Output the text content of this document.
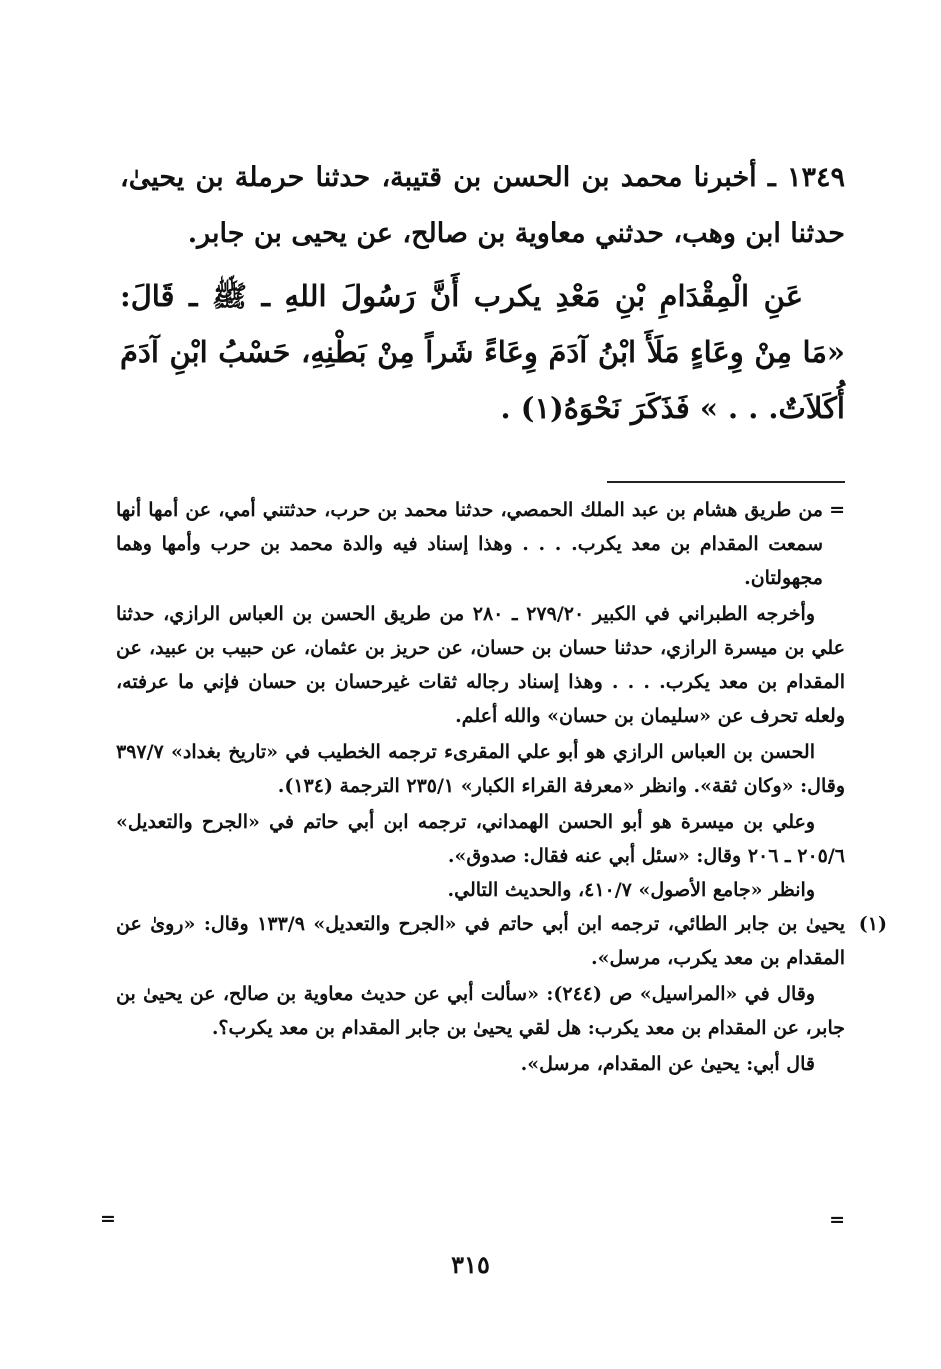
١٣٤٩ ـ أخبرنا محمد بن الحسن بن قتيبة، حدثنا حرملة بن يحيىٰ، حدثنا ابن وهب، حدثني معاوية بن صالح، عن يحيى بن جابر.

عَنِ الْمِقْدَامِ بْنِ مَعْدِ يكرب أَنَّ رَسُولَ اللهِ ـ ﷺ ـ قَالَ: «مَا مِنْ وِعَاءٍ مَلَأَ ابْنُ آدَمَ وِعَاءً شَراً مِنْ بَطْنِهِ، حَسْبُ ابْنِ آدَمَ أُكَلاَتٌ. . . » فَذَكَرَ نَحْوَهُ(١) .

=
من طريق هشام بن عبد الملك الحمصي، حدثنا محمد بن حرب، حدثتني أمي، عن أمها أنها سمعت المقدام بن معد يكرب. . . . وهذا إسناد فيه والدة محمد بن حرب وأمها وهما مجهولتان.

وأخرجه الطبراني في الكبير ٢٧٩/٢٠ ـ ٢٨٠ من طريق الحسن بن العباس الرازي، حدثنا علي بن ميسرة الرازي، حدثنا حسان بن حسان، عن حريز بن عثمان، عن حبيب بن عبيد، عن المقدام بن معد يكرب. . . . وهذا إسناد رجاله ثقات غيرحسان بن حسان فإني ما عرفته، ولعله تحرف عن «سليمان بن حسان» والله أعلم.

الحسن بن العباس الرازي هو أبو علي المقرىء ترجمه الخطيب في «تاريخ بغداد» ٣٩٧/٧ وقال: «وكان ثقة». وانظر «معرفة القراء الكبار» ٢٣٥/١ الترجمة (١٣٤).

وعلي بن ميسرة هو أبو الحسن الهمداني، ترجمه ابن أبي حاتم في «الجرح والتعديل» ٢٠٥/٦ ـ ٢٠٦ وقال: «سئل أبي عنه فقال: صدوق».

وانظر «جامع الأصول» ٤١٠/٧، والحديث التالي.

(١)
يحيىٰ بن جابر الطائي، ترجمه ابن أبي حاتم في «الجرح والتعديل» ١٣٣/٩ وقال: «روىٰ عن المقدام بن معد يكرب، مرسل».

وقال في «المراسيل» ص (٢٤٤): «سألت أبي عن حديث معاوية بن صالح، عن يحيىٰ بن جابر، عن المقدام بن معد يكرب: هل لقي يحيىٰ بن جابر المقدام بن معد يكرب؟.

قال أبي: يحيىٰ عن المقدام، مرسل».

=
=
٣١٥
